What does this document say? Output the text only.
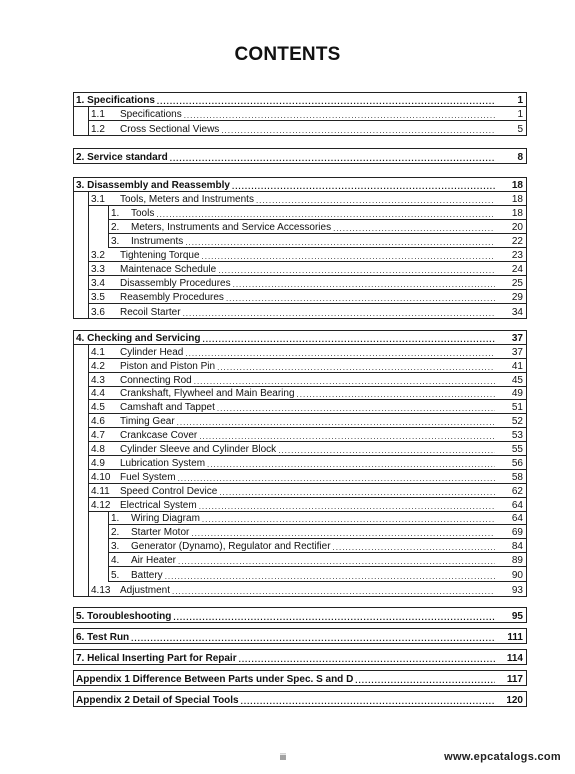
CONTENTS
1. Specifications .....	1
1.1	Specifications .....	1
1.2	Cross Sectional Views .....	5
2. Service standard .....	8
3. Disassembly and Reassembly .....	18
3.1	Tools, Meters and Instruments .....	18
1.	Tools .....	18
2.	Meters, Instruments and Service Accessories .....	20
3.	Instruments .....	22
3.2	Tightening Torque .....	23
3.3	Maintenace Schedule .....	24
3.4	Disassembly Procedures .....	25
3.5	Reasembly Procedures .....	29
3.6	Recoil Starter .....	34
4. Checking and Servicing .....	37
4.1	Cylinder Head .....	37
4.2	Piston and Piston Pin .....	41
4.3	Connecting Rod .....	45
4.4	Crankshaft, Flywheel and Main Bearing .....	49
4.5	Camshaft and Tappet .....	51
4.6	Timing Gear .....	52
4.7	Crankcase Cover .....	53
4.8	Cylinder Sleeve and Cylinder Block .....	55
4.9	Lubrication System .....	56
4.10 Fuel System .....	58
4.11	Speed Control Device .....	62
4.12 Electrical System .....	64
1.	Wiring Diagram .....	64
2.	Starter Motor .....	69
3.	Generator (Dynamo), Regulator and Rectifier .....	84
4.	Air Heater .....	89
5.	Battery .....	90
4.13 Adjustment .....	93
5. Toroubleshooting .....	95
6. Test Run .....	111
7. Helical Inserting Part for Repair .....	114
Appendix 1 Difference Between Parts under Spec. S and D .....	117
Appendix 2 Detail of Special Tools .....	120
iii	www.epcatalogs.com
